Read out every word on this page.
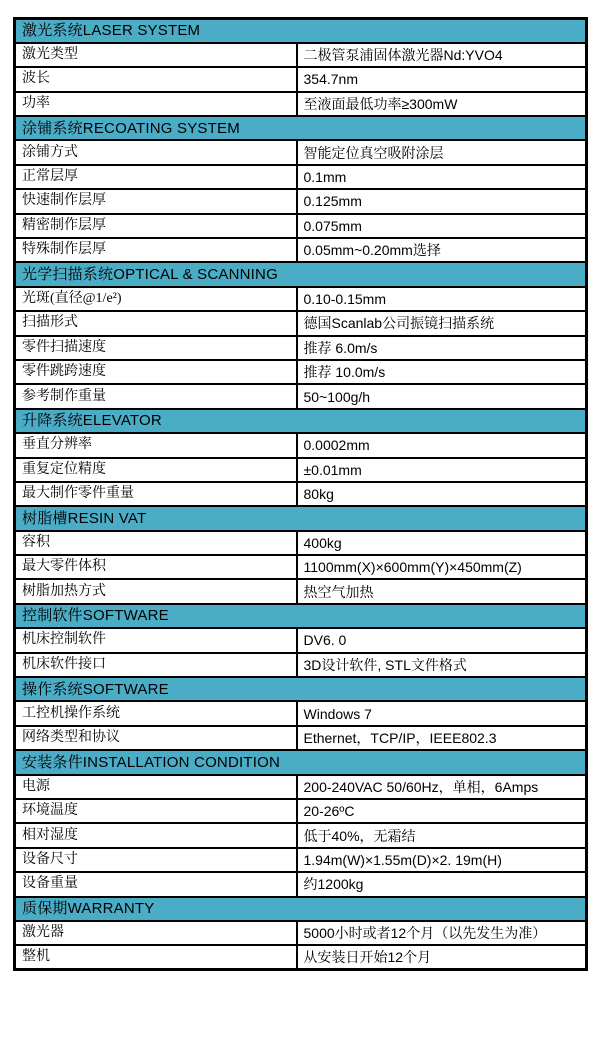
激光系统LASER SYSTEM	
激光类型	二极管泵浦固体激光器Nd:YVO4
波长	354.7nm
功率	至液面最低功率≥300mW
涂铺系统RECOATING SYSTEM	
涂铺方式	智能定位真空吸附涂层
正常层厚	0.1mm
快速制作层厚	0.125mm
精密制作层厚	0.075mm
特殊制作层厚	0.05mm~0.20mm选择
光学扫描系统OPTICAL & SCANNING	
光斑(直径@1/e²)	0.10-0.15mm
扫描形式	德国Scanlab公司振镜扫描系统
零件扫描速度	推荐 6.0m/s
零件跳跨速度	推荐 10.0m/s
参考制作重量	50~100g/h
升降系统ELEVATOR	
垂直分辨率	0.0002mm
重复定位精度	±0.01mm
最大制作零件重量	80kg
树脂槽RESIN VAT	
容积	400kg
最大零件体积	1100mm(X)×600mm(Y)×450mm(Z)
树脂加热方式	热空气加热
控制软件SOFTWARE	
机床控制软件	DV6. 0
机床软件接口	3D设计软件, STL文件格式
操作系统SOFTWARE	
工控机操作系统	Windows 7
网络类型和协议	Ethernet，TCP/IP，IEEE802.3
安装条件INSTALLATION CONDITION	
电源	200-240VAC 50/60Hz，单相，6Amps
环境温度	20-26ºC
相对湿度	低于40%，无霜结
设备尺寸	1.94m(W)×1.55m(D)×2. 19m(H)
设备重量	约1200kg
质保期WARRANTY	
激光器	5000小时或者12个月（以先发生为准）
整机	从安装日开始12个月
